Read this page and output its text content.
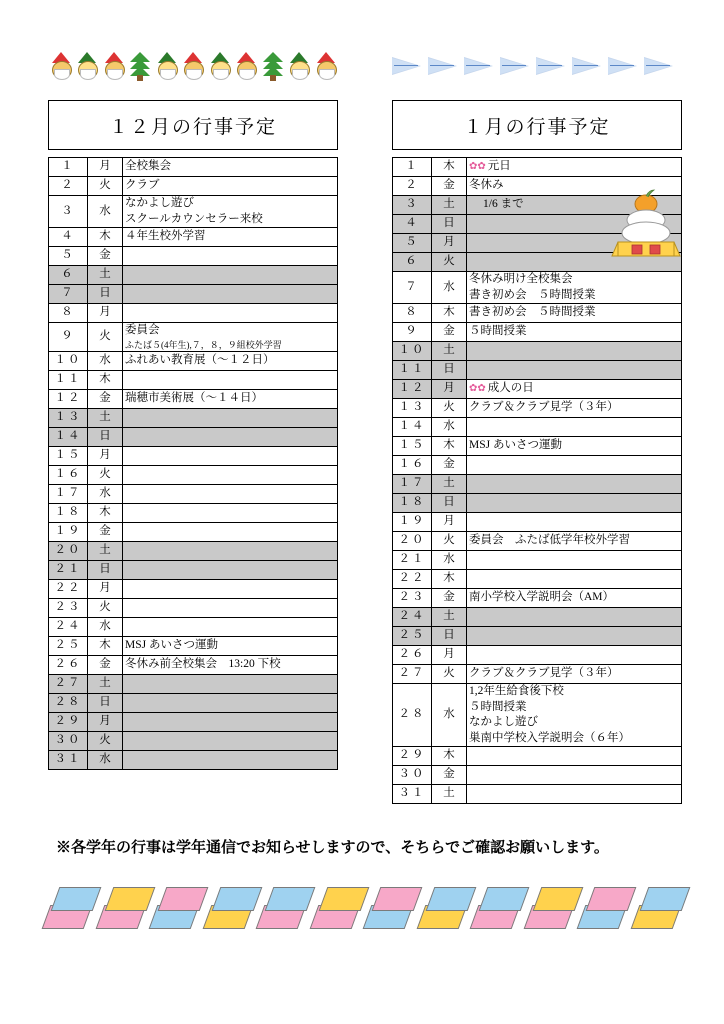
１２月の行事予定
１	月	全校集会

２	火	クラブ

３	水	なかよし遊び
スクールカウンセラー来校

４	木	４年生校外学習

５	金	
６	土	
７	日	
８	月	
９	火	委員会
ふたば５(4年生),７，８，９組校外学習

１０	水	ふれあい教育展（〜１２日）

１１	木	
１２	金	瑞穂市美術展（〜１４日）

１３	土	
１４	日	
１５	月	
１６	火	
１７	水	
１８	木	
１９	金	
２０	土	
２１	日	
２２	月	
２３	火	
２４	水	
２５	木	MSJ あいさつ運動

２６	金	冬休み前全校集会　13:20 下校

２７	土	
２８	日	
２９	月	
３０	火	
３１	水	
１月の行事予定
１	木	✿✿ 元日

２	金	冬休み

３	土	1/6 まで

４	日	
５	月	
６	火	
７	水	冬休み明け全校集会
書き初め会　５時間授業

８	木	書き初め会　５時間授業

９	金	５時間授業

１０	土	
１１	日	
１２	月	✿✿ 成人の日

１３	火	クラブ＆クラブ見学（３年）

１４	水	
１５	木	MSJ あいさつ運動

１６	金	
１７	土	
１８	日	
１９	月	
２０	火	委員会　ふたば低学年校外学習

２１	水	
２２	木	
２３	金	南小学校入学説明会（AM）

２４	土	
２５	日	
２６	月	
２７	火	クラブ＆クラブ見学（３年）

２８	水	1,2年生給食後下校
５時間授業
なかよし遊び
巣南中学校入学説明会（６年）

２９	木	
３０	金	
３１	土	
※各学年の行事は学年通信でお知らせしますので、そちらでご確認お願いします。
